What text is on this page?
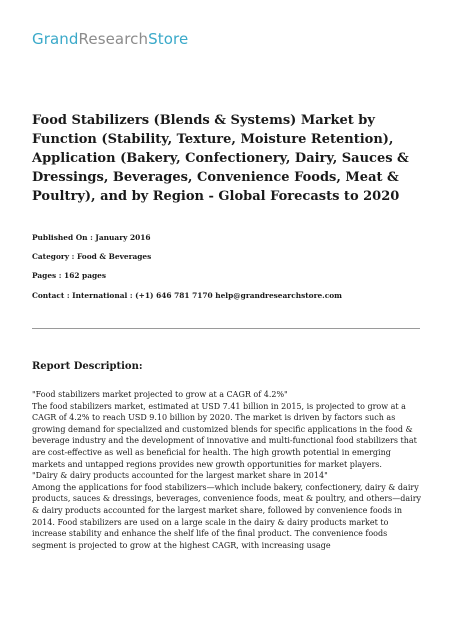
GrandResearchStore
Food Stabilizers (Blends & Systems) Market by Function (Stability, Texture, Moisture Retention), Application (Bakery, Confectionery, Dairy, Sauces & Dressings, Beverages, Convenience Foods, Meat & Poultry), and by Region - Global Forecasts to 2020
Published On : January 2016
Category : Food & Beverages
Pages : 162 pages
Contact : International : (+1) 646 781 7170 help@grandresearchstore.com
Report Description:

"Food stabilizers market projected to grow at a CAGR of 4.2%"

The food stabilizers market, estimated at USD 7.41 billion in 2015, is projected to grow at a CAGR of 4.2% to reach USD 9.10 billion by 2020. The market is driven by factors such as growing demand for specialized and customized blends for specific applications in the food & beverage industry and the development of innovative and multi-functional food stabilizers that are cost-effective as well as beneficial for health. The high growth potential in emerging markets and untapped regions provides new growth opportunities for market players.

"Dairy & dairy products accounted for the largest market share in 2014"

Among the applications for food stabilizers—which include bakery, confectionery, dairy & dairy products, sauces & dressings, beverages, convenience foods, meat & poultry, and others—dairy & dairy products accounted for the largest market share, followed by convenience foods in 2014. Food stabilizers are used on a large scale in the dairy & dairy products market to increase stability and enhance the shelf life of the final product. The convenience foods segment is projected to grow at the highest CAGR, with increasing usage
